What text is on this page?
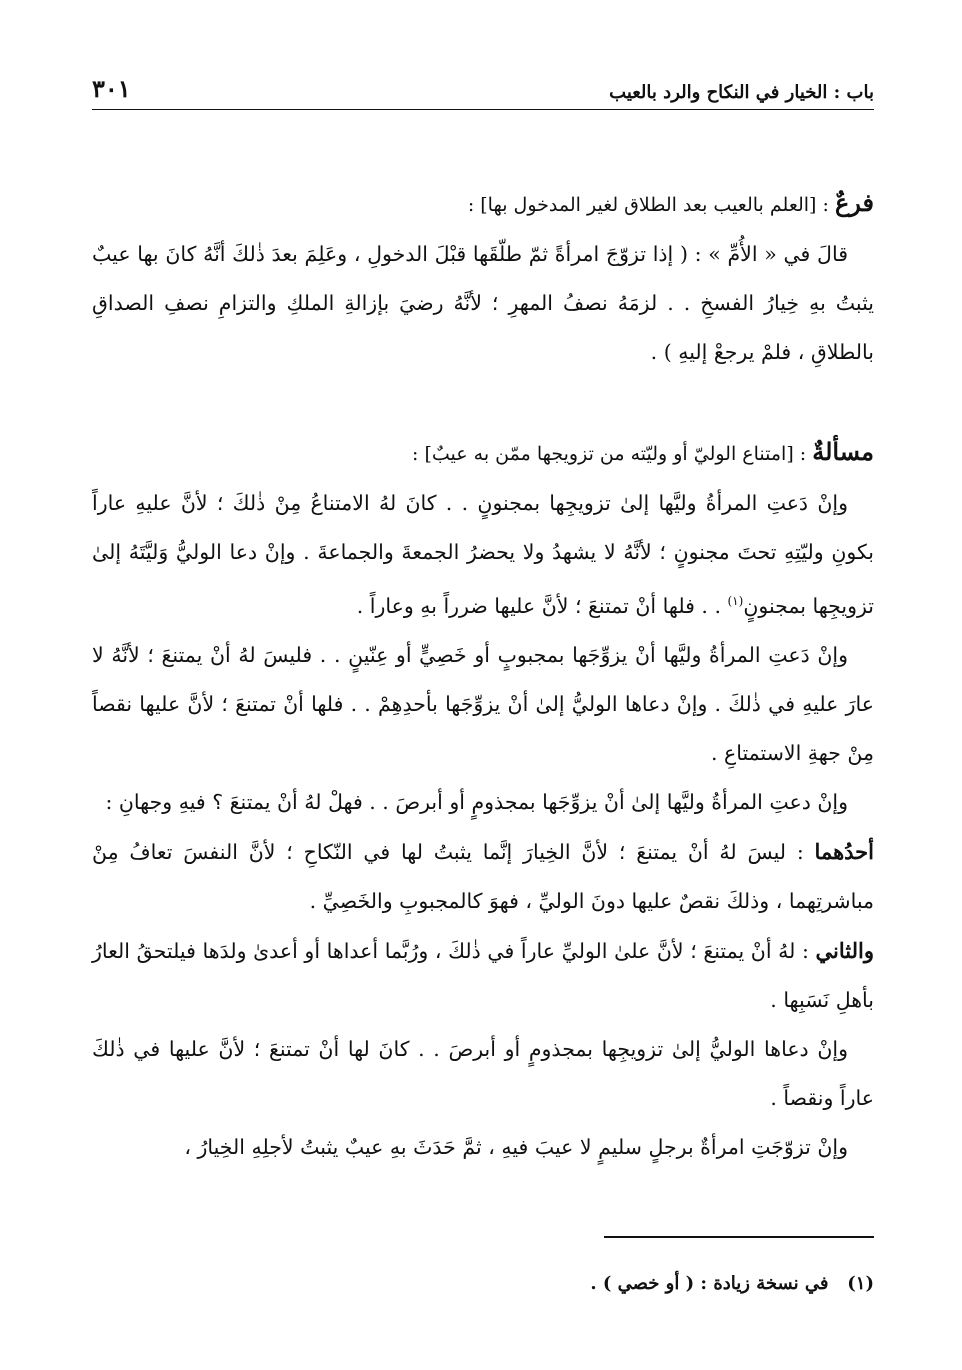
باب : الخيار في النكاح والرد بالعيب
٣٠١

فرعٌ : [العلم بالعيب بعد الطلاق لغير المدخول بها] :

قالَ في « الأُمِّ » : ( إذا تزوّجَ امرأةً ثمّ طلّقَها قبْلَ الدخولِ ، وعَلِمَ بعدَ ذٰلكَ أنَّهُ كانَ بها عيبٌ يثبتُ بهِ خِيارُ الفسخِ . . لزمَهُ نصفُ المهرِ ؛ لأنَّهُ رضيَ بإزالةِ الملكِ والتزامِ نصفِ الصداقِ بالطلاقِ ، فلمْ يرجعْ إليهِ ) .

مسألةٌ : [امتناع الوليّ أو وليّته من تزويجها ممّن به عيبٌ] :

وإنْ دَعتِ المرأةُ وليَّها إلىٰ تزويجِها بمجنونٍ . . كانَ لهُ الامتناعُ مِنْ ذٰلكَ ؛ لأنَّ عليهِ عاراً بكونِ وليّتِهِ تحتَ مجنونٍ ؛ لأنَّهُ لا يشهدُ ولا يحضرُ الجمعةَ والجماعةَ . وإنْ دعا الوليُّ وَليَّتَهُ إلىٰ تزويجِها بمجنونٍ$^{(١)}$ . . فلها أنْ تمتنعَ ؛ لأنَّ عليها ضرراً بهِ وعاراً .

وإنْ دَعتِ المرأةُ وليَّها أنْ يزوِّجَها بمجبوبٍ أو خَصِيٍّ أو عِنّينٍ . . فليسَ لهُ أنْ يمتنعَ ؛ لأنَّهُ لا عارَ عليهِ في ذٰلكَ . وإنْ دعاها الوليُّ إلىٰ أنْ يزوِّجَها بأحدِهِمْ . . فلها أنْ تمتنعَ ؛ لأنَّ عليها نقصاً مِنْ جهةِ الاستمتاعِ .

وإنْ دعتِ المرأةُ وليَّها إلىٰ أنْ يزوِّجَها بمجذومٍ أو أبرصَ . . فهلْ لهُ أنْ يمتنعَ ؟ فيهِ وجهانِ :

أحدُهما : ليسَ لهُ أنْ يمتنعَ ؛ لأنَّ الخِيارَ إنَّما يثبتُ لها في النّكاحِ ؛ لأنَّ النفسَ تعافُ مِنْ مباشرتِهما ، وذلكَ نقصٌ عليها دونَ الوليِّ ، فهوَ كالمجبوبِ والخَصِيِّ .

والثاني : لهُ أنْ يمتنعَ ؛ لأنَّ علىٰ الوليِّ عاراً في ذٰلكَ ، ورُبَّما أعداها أو أعدىٰ ولدَها فيلتحقُ العارُ بأهلِ نَسَبِها .

وإنْ دعاها الوليُّ إلىٰ تزويجِها بمجذومٍ أو أبرصَ . . كانَ لها أنْ تمتنعَ ؛ لأنَّ عليها في ذٰلكَ عاراً ونقصاً .

وإنْ تزوّجَتِ امرأةٌ برجلٍ سليمٍ لا عيبَ فيهِ ، ثمَّ حَدَثَ بهِ عيبٌ يثبتُ لأجلِهِ الخِيارُ ،

(١)   في نسخة زيادة : ( أو خصي ) .
